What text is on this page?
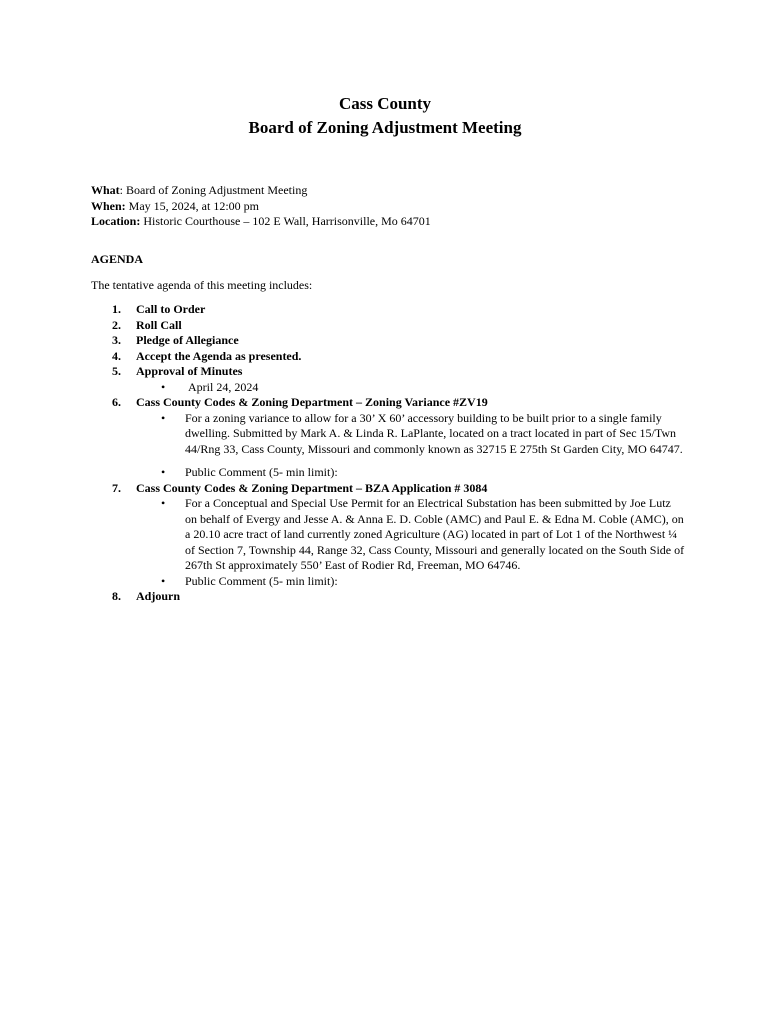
Cass County
Board of Zoning Adjustment Meeting
What: Board of Zoning Adjustment Meeting
When: May 15, 2024, at 12:00 pm
Location: Historic Courthouse – 102 E Wall, Harrisonville, Mo 64701
AGENDA
The tentative agenda of this meeting includes:
1. Call to Order
2. Roll Call
3. Pledge of Allegiance
4. Accept the Agenda as presented.
5. Approval of Minutes
• April 24, 2024
6. Cass County Codes & Zoning Department – Zoning Variance #ZV19
• For a zoning variance to allow for a 30’ X 60’ accessory building to be built prior to a single family dwelling. Submitted by Mark A. & Linda R. LaPlante, located on a tract located in part of Sec 15/Twn 44/Rng 33, Cass County, Missouri and commonly known as 32715 E 275th St Garden City, MO 64747.
• Public Comment (5- min limit):
7. Cass County Codes & Zoning Department – BZA Application # 3084
• For a Conceptual and Special Use Permit for an Electrical Substation has been submitted by Joe Lutz on behalf of Evergy and Jesse A. & Anna E. D. Coble (AMC) and Paul E. & Edna M. Coble (AMC), on a 20.10 acre tract of land currently zoned Agriculture (AG) located in part of Lot 1 of the Northwest ¼ of Section 7, Township 44, Range 32, Cass County, Missouri and generally located on the South Side of 267th St approximately 550’ East of Rodier Rd, Freeman, MO 64746.
• Public Comment (5- min limit):
8. Adjourn
